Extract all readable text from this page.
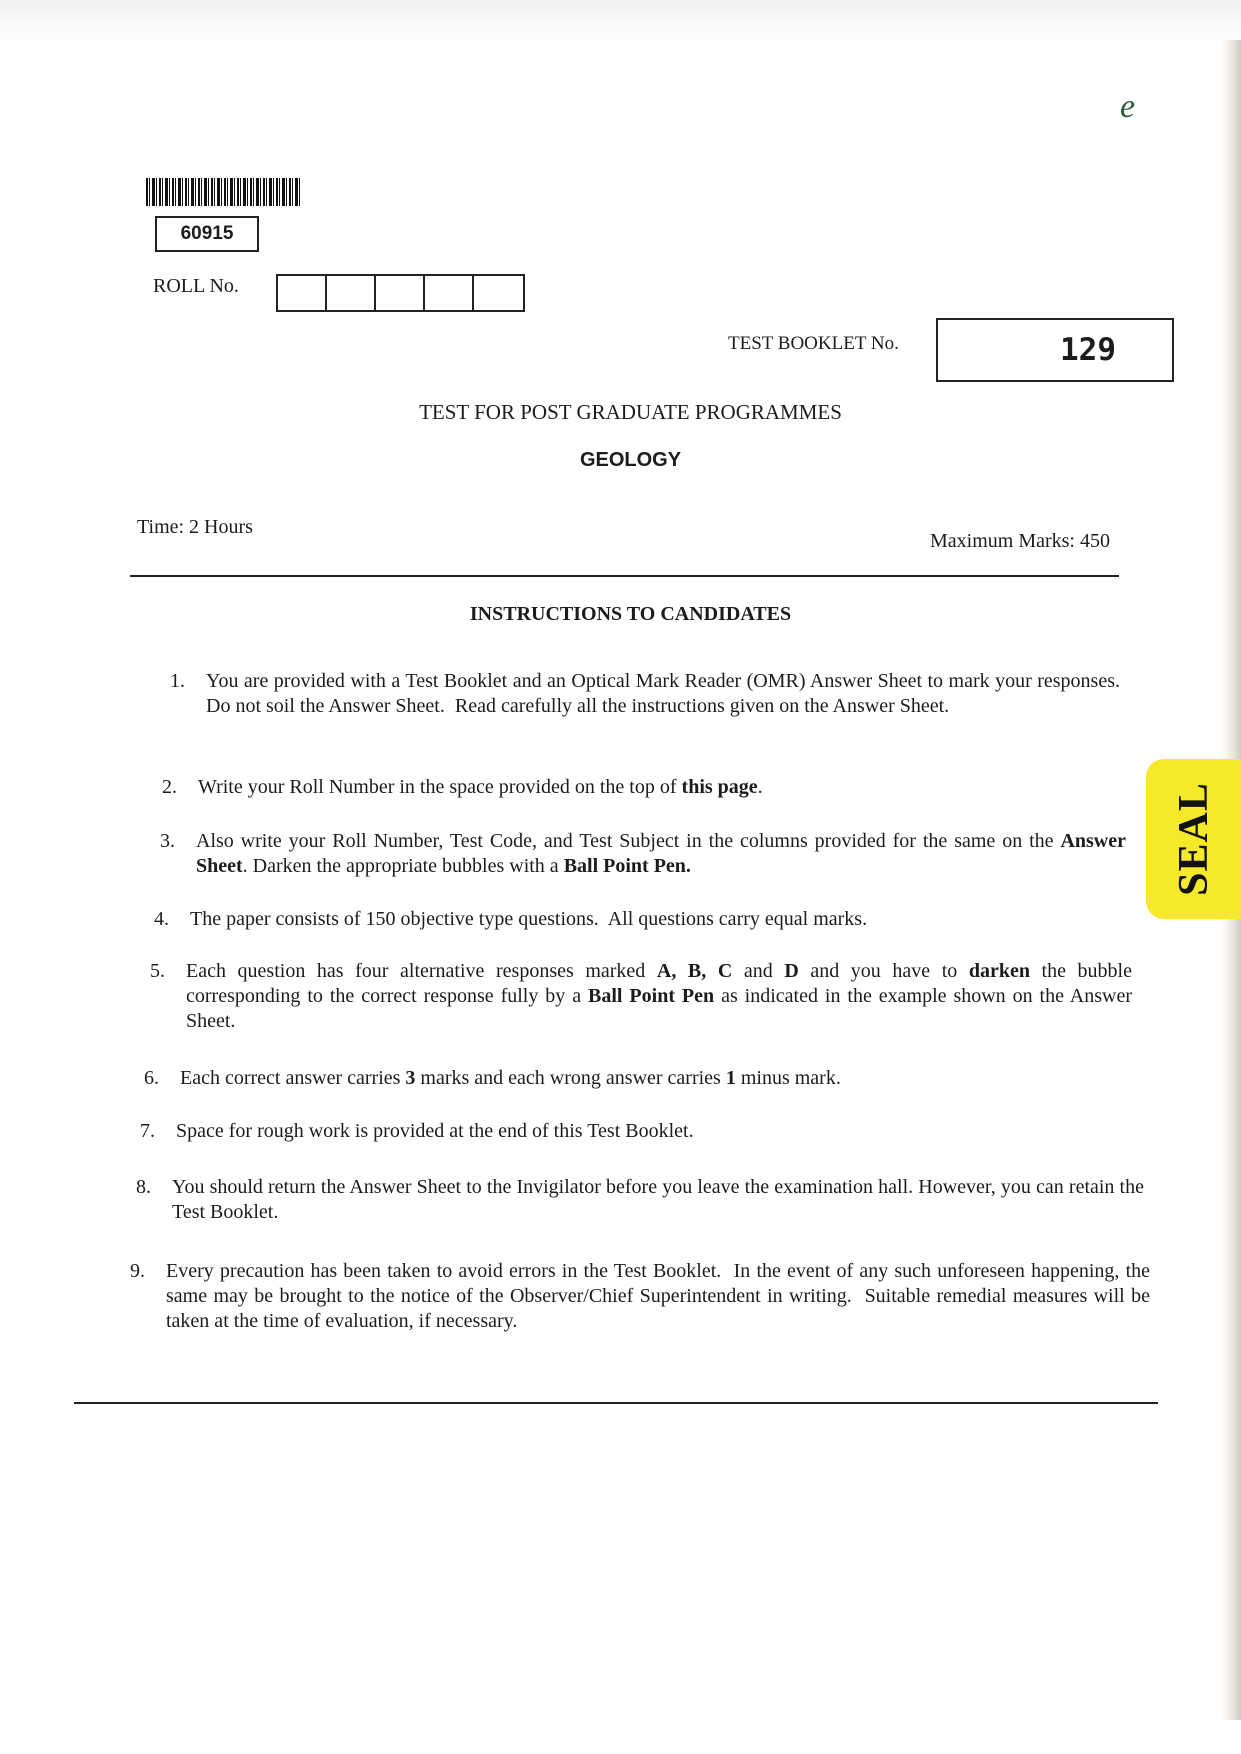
е
60915
ROLL No.
TEST BOOKLET No.	129
TEST FOR POST GRADUATE PROGRAMMES
GEOLOGY
Time: 2 Hours
Maximum Marks: 450
INSTRUCTIONS TO CANDIDATES
1. You are provided with a Test Booklet and an Optical Mark Reader (OMR) Answer Sheet to mark your responses.  Do not soil the Answer Sheet.  Read carefully all the instructions given on the Answer Sheet.
2. Write your Roll Number in the space provided on the top of this page.
3. Also write your Roll Number, Test Code, and Test Subject in the columns provided for the same on the Answer Sheet. Darken the appropriate bubbles with a Ball Point Pen.
4. The paper consists of 150 objective type questions.  All questions carry equal marks.
5. Each question has four alternative responses marked A, B, C and D and you have to darken the bubble corresponding to the correct response fully by a Ball Point Pen as indicated in the example shown on the Answer Sheet.
6. Each correct answer carries 3 marks and each wrong answer carries 1 minus mark.
7. Space for rough work is provided at the end of this Test Booklet.
8. You should return the Answer Sheet to the Invigilator before you leave the examination hall. However, you can retain the Test Booklet.
9. Every precaution has been taken to avoid errors in the Test Booklet.  In the event of any such unforeseen happening, the same may be brought to the notice of the Observer/Chief Superintendent in writing.  Suitable remedial measures will be taken at the time of evaluation, if necessary.
SEAL
